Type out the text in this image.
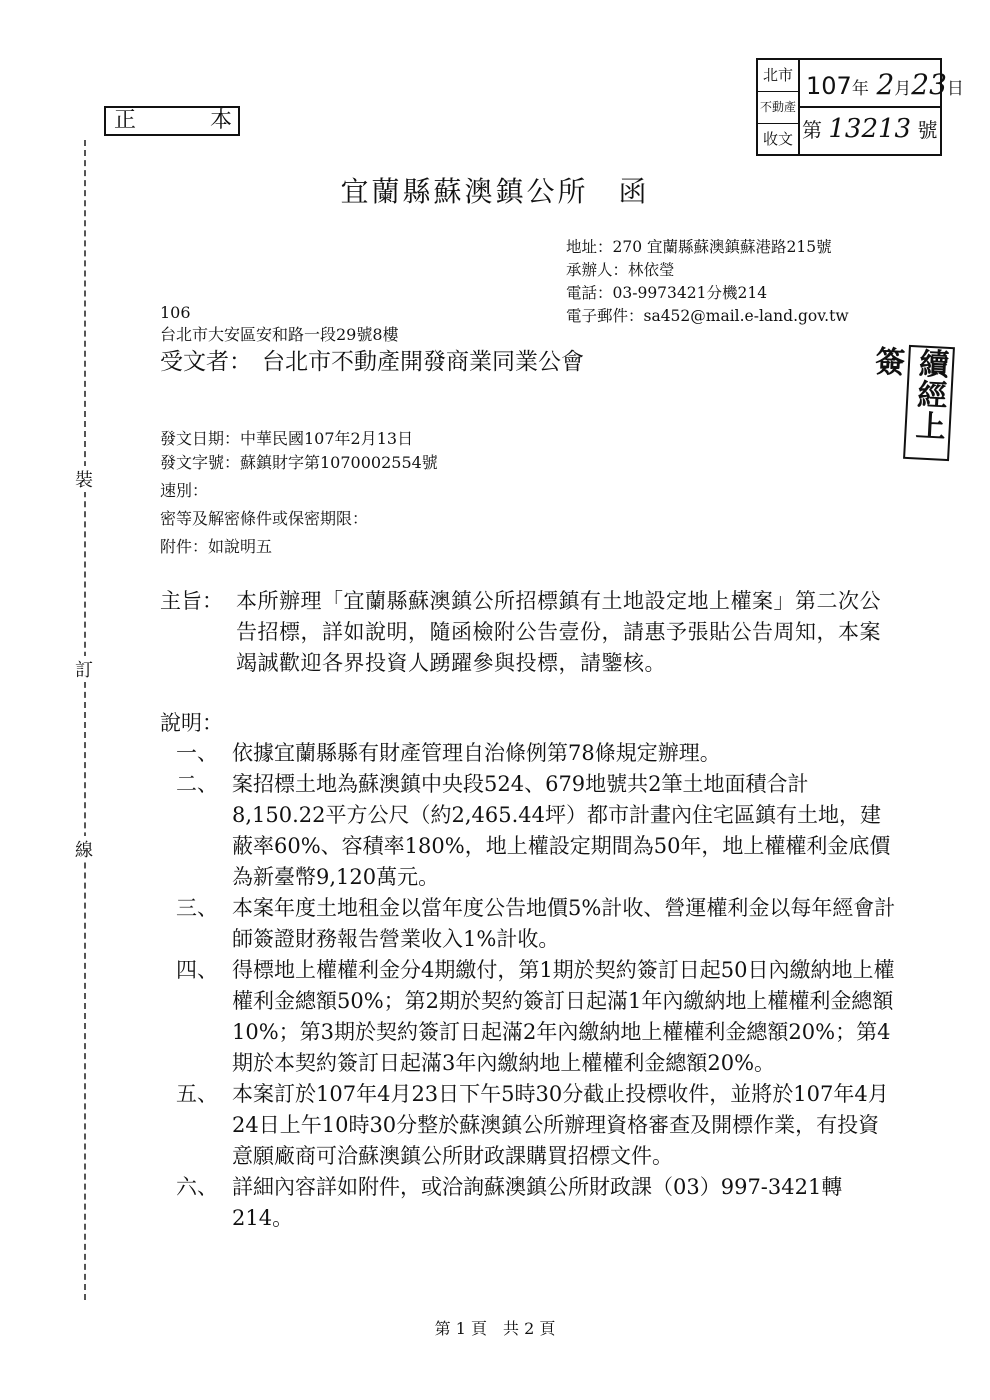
正	本
北市
不動產
收文
107年 2月23日
第 13213 號
裝
訂
線
續經上簽
宜蘭縣蘇澳鎮公所 函
地址：270 宜蘭縣蘇澳鎮蘇港路215號
承辦人：林依瑩
電話：03-9973421分機214
電子郵件：sa452@mail.e-land.gov.tw
106
台北市大安區安和路一段29號8樓
受文者： 台北市不動產開發商業同業公會
發文日期：中華民國107年2月13日
發文字號：蘇鎮財字第1070002554號
速別：
密等及解密條件或保密期限：
附件：如說明五
主旨： 本所辦理「宜蘭縣蘇澳鎮公所招標鎮有土地設定地上權案」第二次公告招標，詳如說明，隨函檢附公告壹份，請惠予張貼公告周知，本案竭誠歡迎各界投資人踴躍參與投標，請鑒核。
說明：
一、 依據宜蘭縣縣有財產管理自治條例第78條規定辦理。
二、 案招標土地為蘇澳鎮中央段524、679地號共2筆土地面積合計8,150.22平方公尺（約2,465.44坪）都市計畫內住宅區鎮有土地，建蔽率60%、容積率180%，地上權設定期間為50年，地上權權利金底價為新臺幣9,120萬元。
三、 本案年度土地租金以當年度公告地價5%計收、營運權利金以每年經會計師簽證財務報告營業收入1%計收。
四、 得標地上權權利金分4期繳付，第1期於契約簽訂日起50日內繳納地上權權利金總額50%；第2期於契約簽訂日起滿1年內繳納地上權權利金總額10%；第3期於契約簽訂日起滿2年內繳納地上權權利金總額20%；第4期於本契約簽訂日起滿3年內繳納地上權權利金總額20%。
五、 本案訂於107年4月23日下午5時30分截止投標收件，並將於107年4月24日上午10時30分整於蘇澳鎮公所辦理資格審查及開標作業，有投資意願廠商可洽蘇澳鎮公所財政課購買招標文件。
六、 詳細內容詳如附件，或洽詢蘇澳鎮公所財政課（03）997-3421轉214。
第 1 頁　共 2 頁
